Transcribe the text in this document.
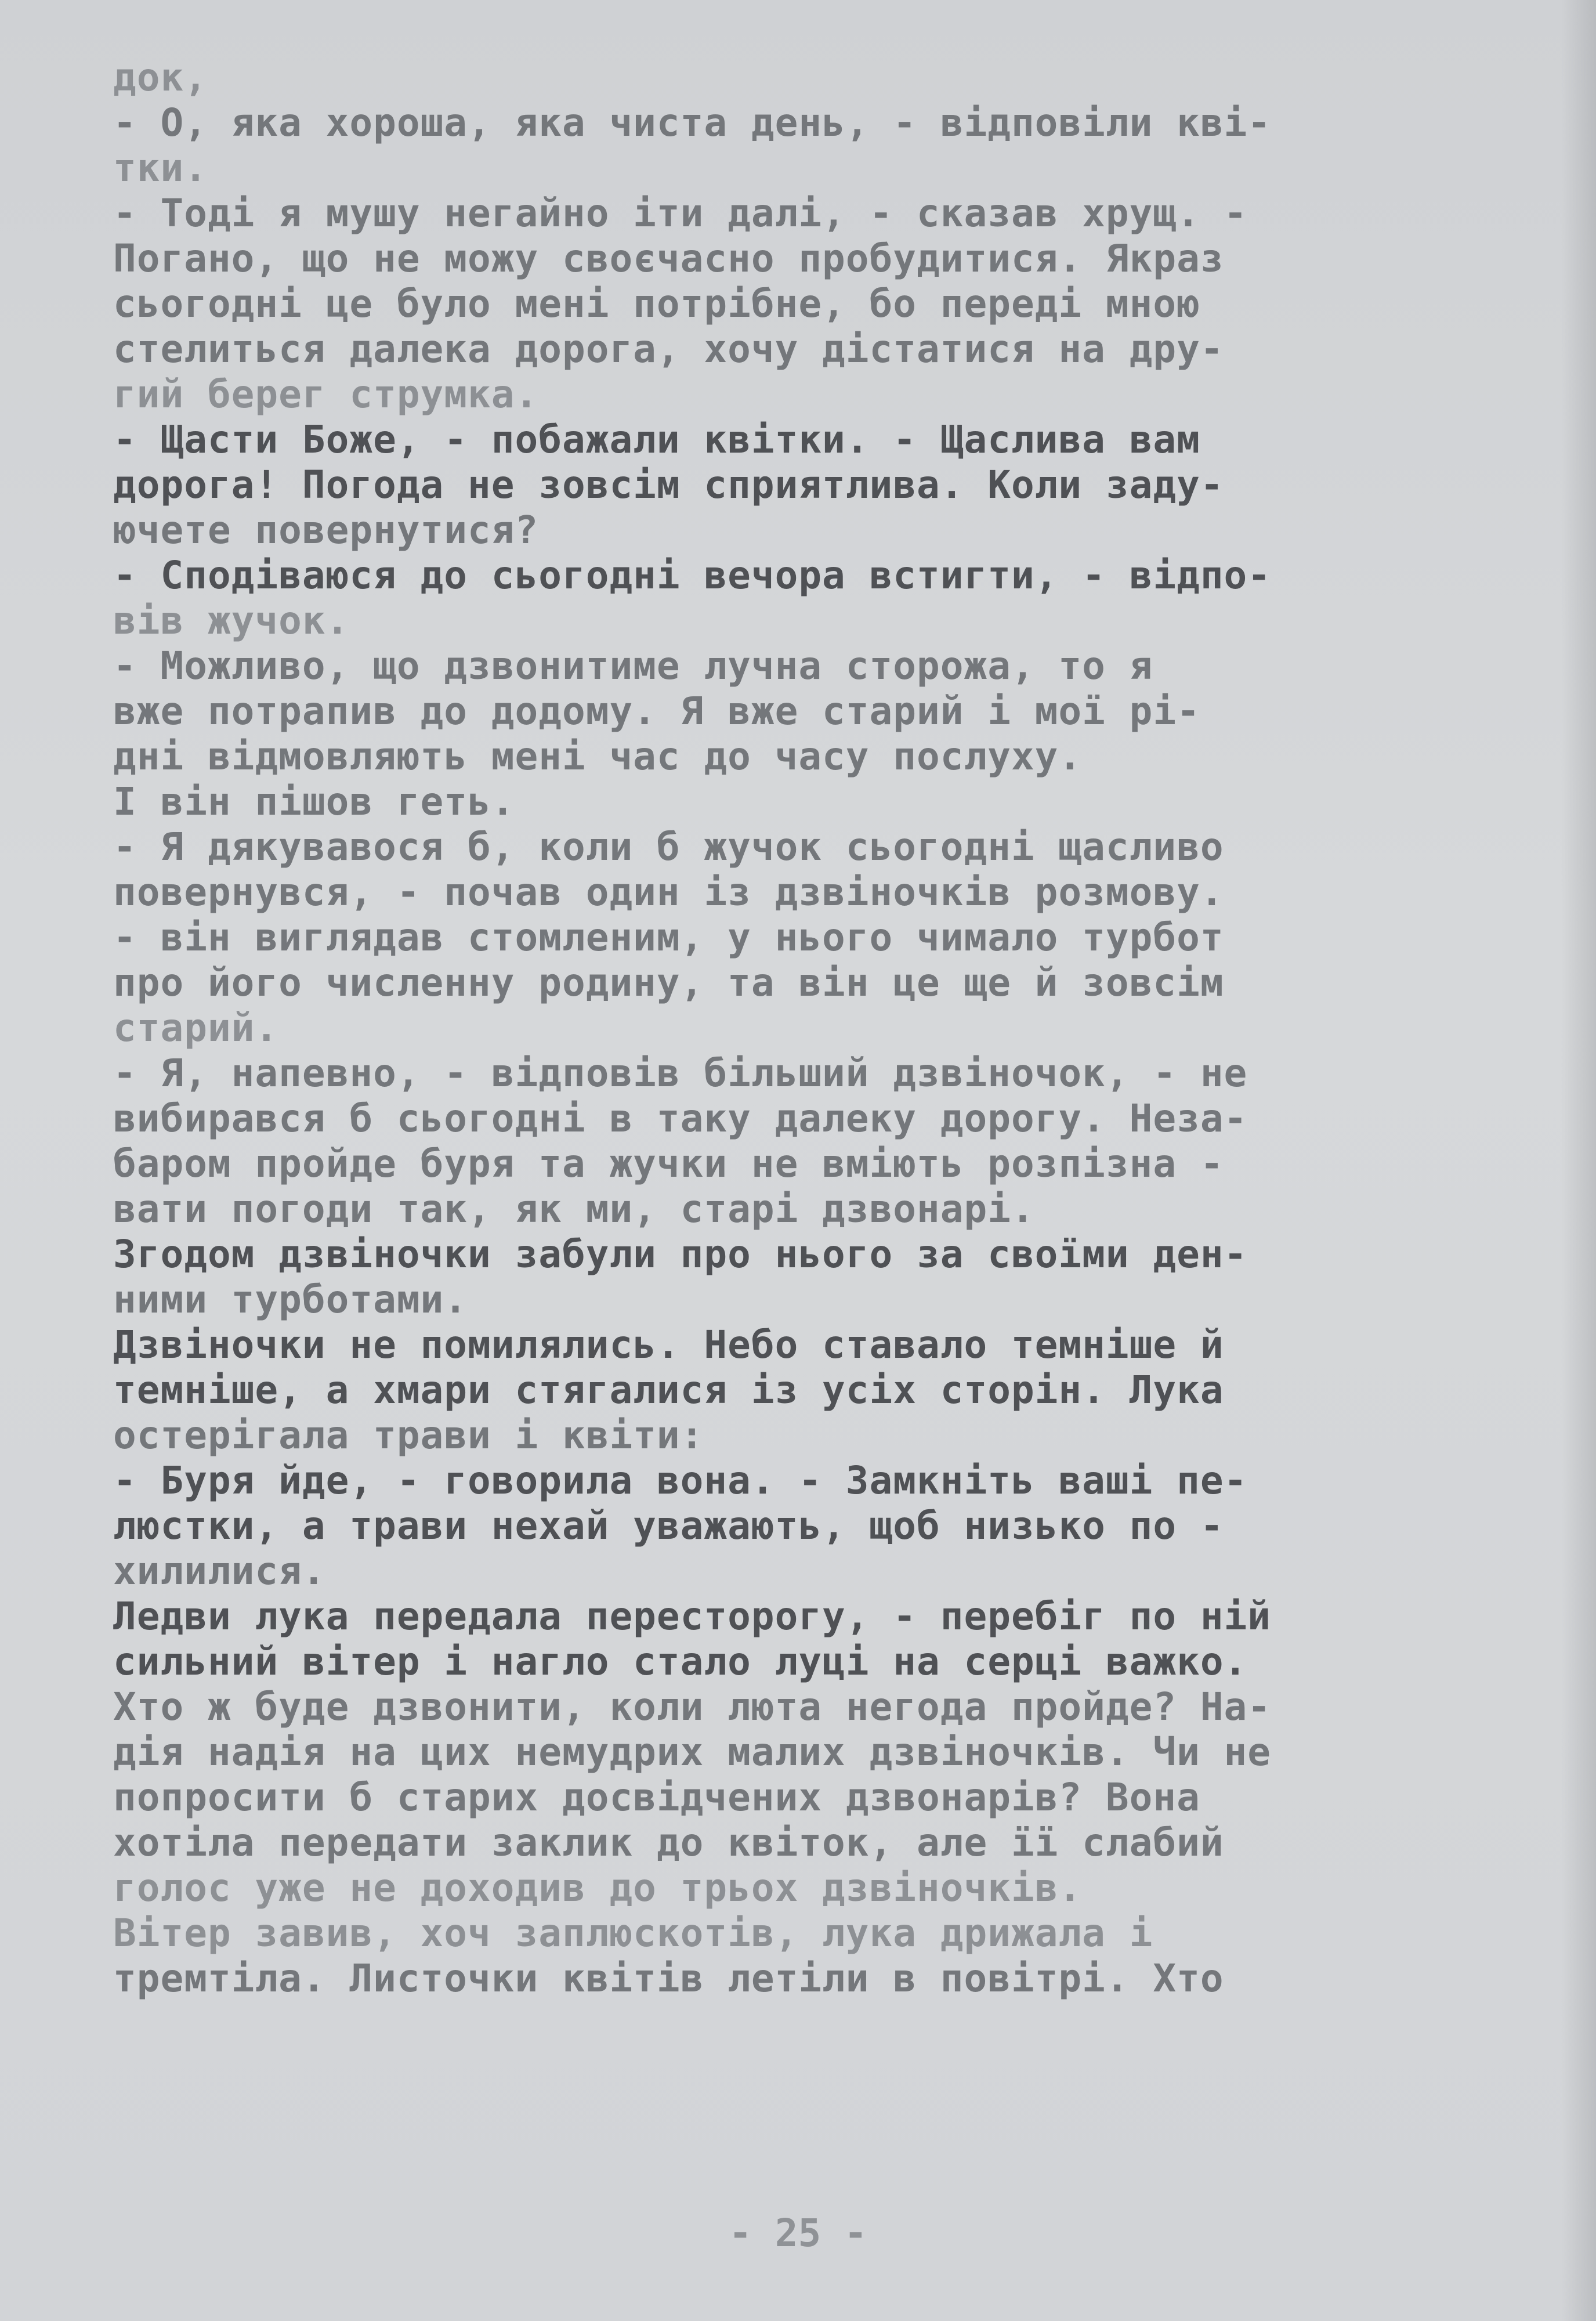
док,
- О, яка хороша, яка чиста день, - відповіли кві-
тки.
- Тоді я мушу негайно іти далі, - сказав хрущ. -
Погано, що не можу своєчасно пробудитися. Якраз
сьогодні це було мені потрібне, бо переді мною
стелиться далека дорога, хочу дістатися на дру-
гий берег струмка.
- Щасти Боже, - побажали квітки. - Щаслива вам
дорога! Погода не зовсім сприятлива. Коли заду-
ючете повернутися?
- Сподіваюся до сьогодні вечора встигти, - відпо-
вів жучок.
- Можливо, що дзвонитиме лучна сторожа, то я
вже потрапив до додому. Я вже старий і мої рі-
дні відмовляють мені час до часу послуху.
І він пішов геть.
- Я дякувавося б, коли б жучок сьогодні щасливо
повернувся, - почав один із дзвіночків розмову.
- він виглядав стомленим, у нього чимало турбот
про його численну родину, та він це ще й зовсім
старий.
- Я, напевно, - відповів більший дзвіночок, - не
вибирався б сьогодні в таку далеку дорогу. Неза-
баром пройде буря та жучки не вміють розпізна -
вати погоди так, як ми, старі дзвонарі.
Згодом дзвіночки забули про нього за своїми ден-
ними турботами.
Дзвіночки не помилялись. Небо ставало темніше й
темніше, а хмари стягалися із усіх сторін. Лука
остерігала трави і квіти:
- Буря йде, - говорила вона. - Замкніть ваші пе-
люстки, а трави нехай уважають, щоб низько по -
хилилися.
Ледви лука передала пересторогу, - перебіг по ній
сильний вітер і нагло стало луці на серці важко.
Хто ж буде дзвонити, коли люта негода пройде? На-
дія надія на цих немудрих малих дзвіночків. Чи не
попросити б старих досвідчених дзвонарів? Вона
хотіла передати заклик до квіток, але її слабий
голос уже не доходив до трьох дзвіночків.
Вітер завив, хоч заплюскотів, лука дрижала і
тремтіла. Листочки квітів летіли в повітрі. Хто
- 25 -
